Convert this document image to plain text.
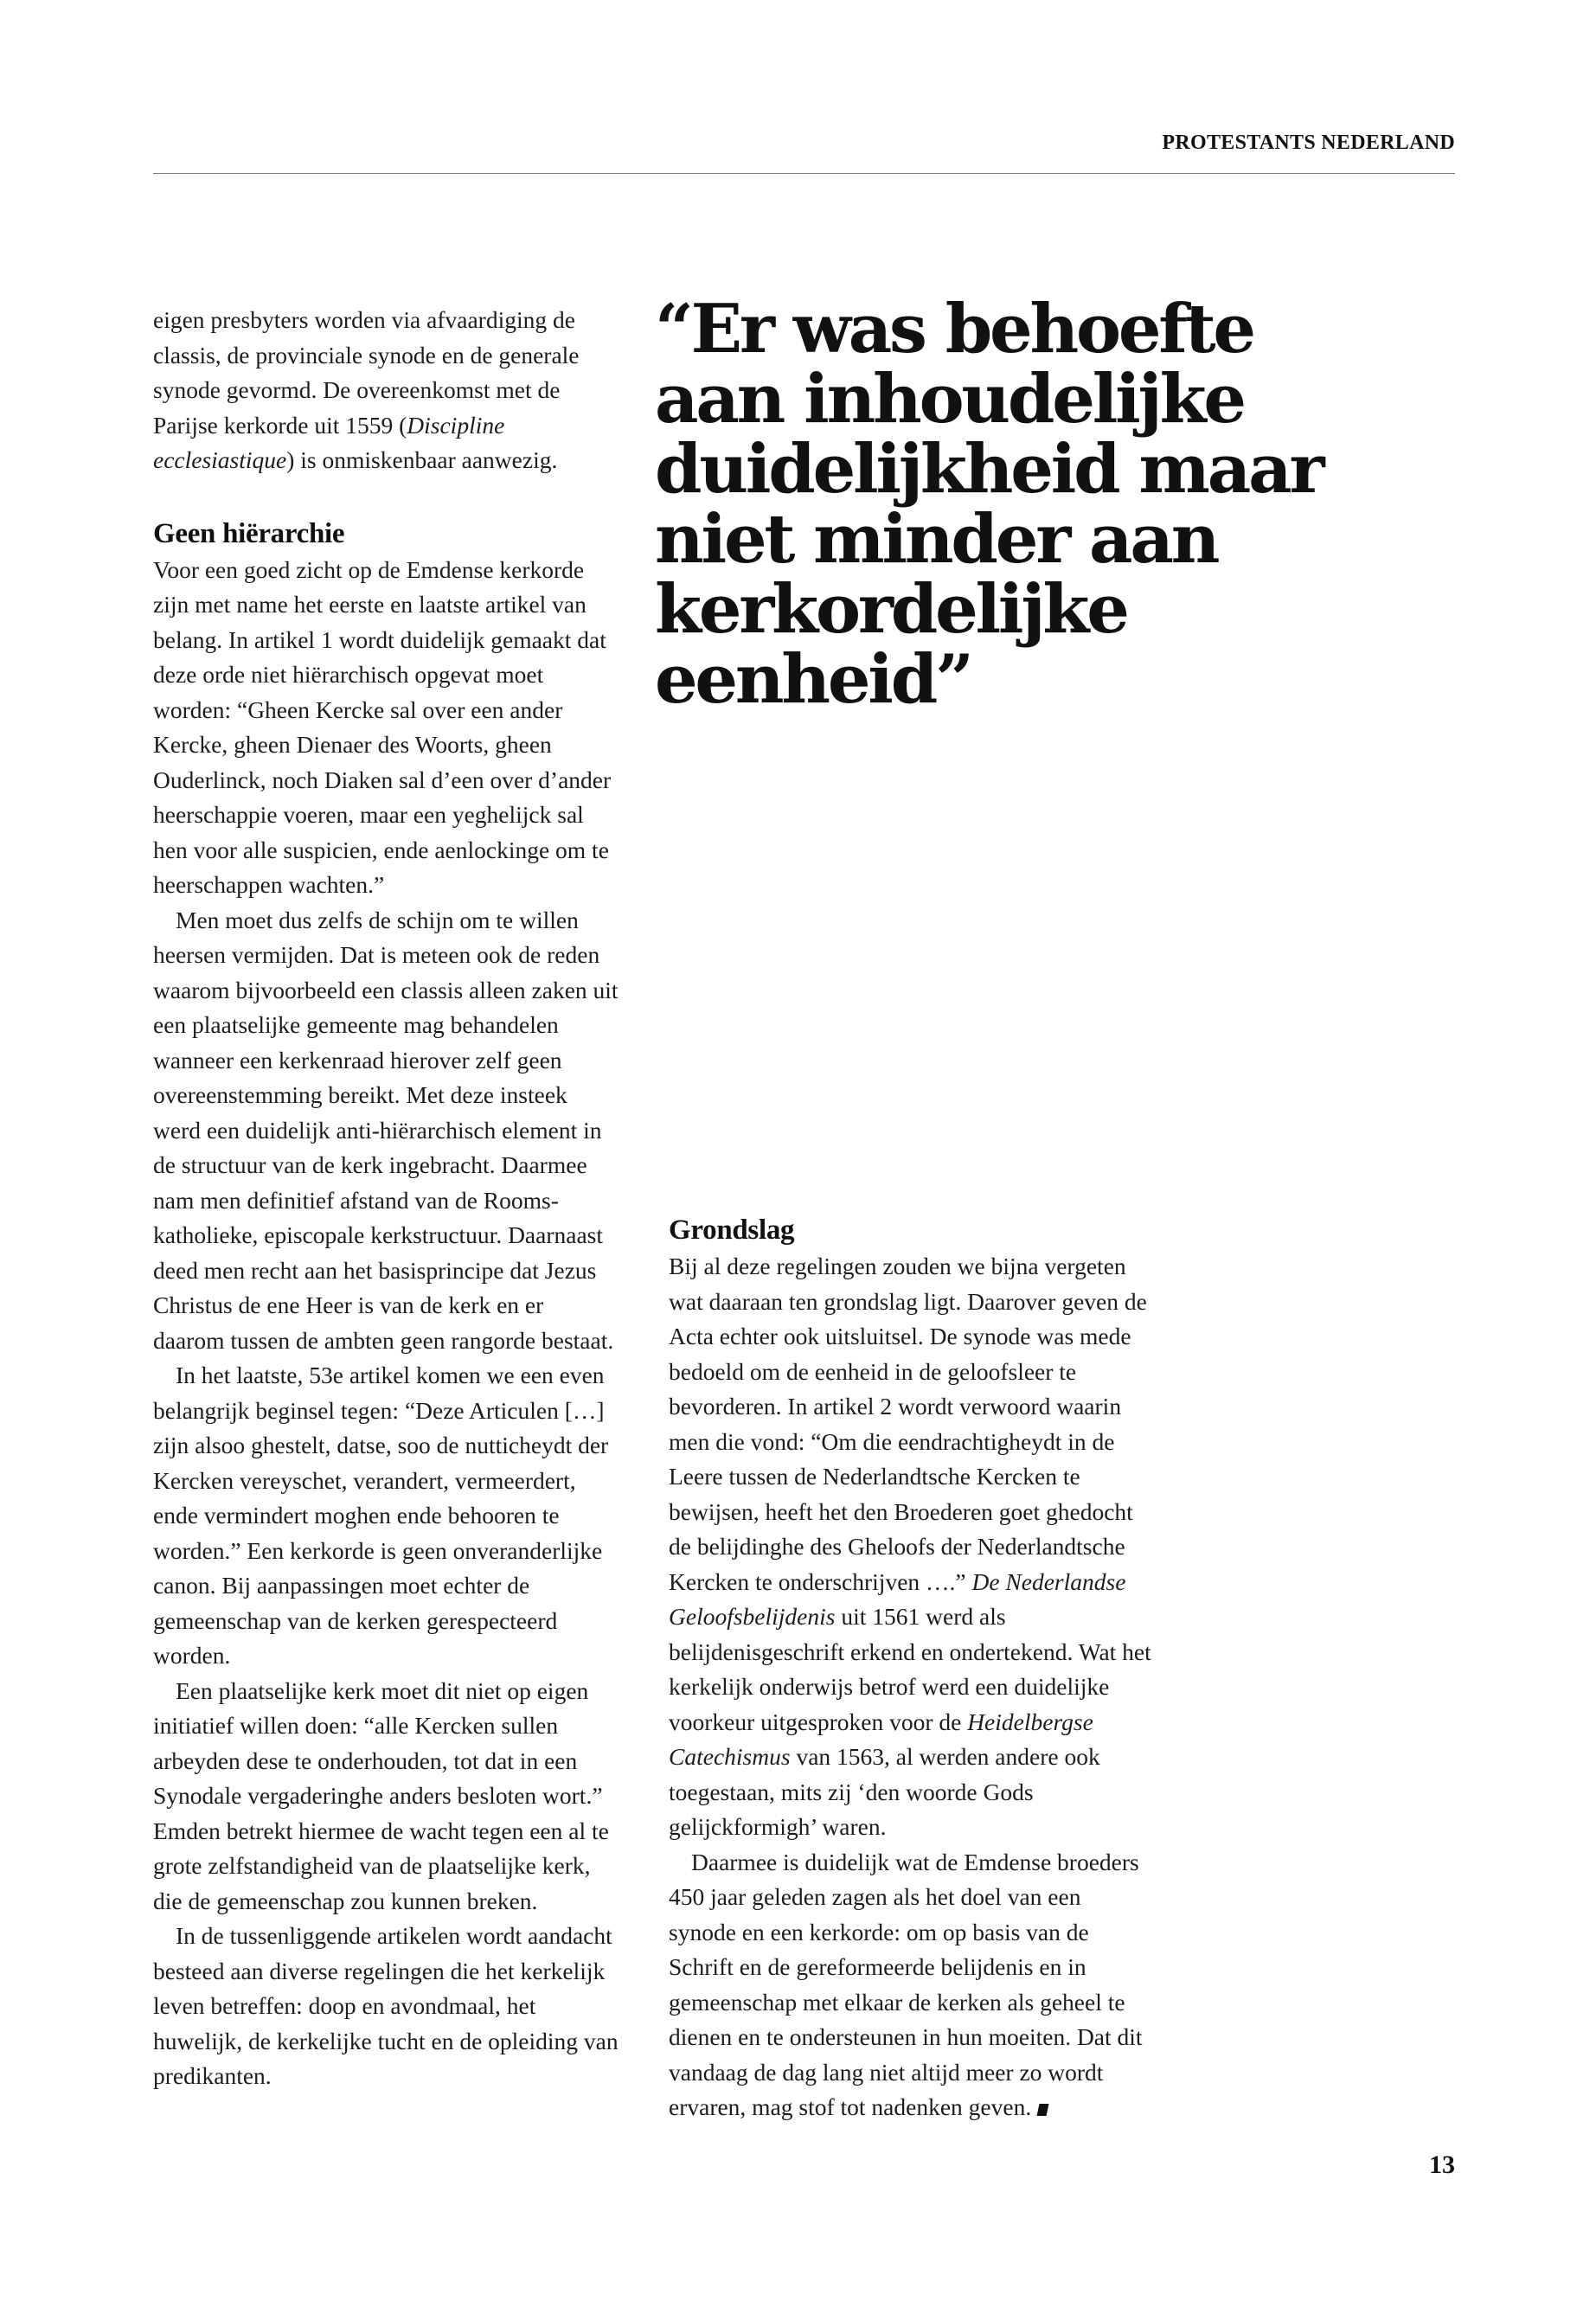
PROTESTANTS NEDERLAND

eigen presbyters worden via afvaardiging de classis, de provinciale synode en de generale synode gevormd. De overeenkomst met de Parijse kerkorde uit 1559 (Discipline ecclesiastique) is onmiskenbaar aanwezig.

Geen hiërarchie

Voor een goed zicht op de Emdense kerkorde zijn met name het eerste en laatste artikel van belang. In artikel 1 wordt duidelijk gemaakt dat deze orde niet hiërarchisch opgevat moet worden: “Gheen Kercke sal over een ander Kercke, gheen Dienaer des Woorts, gheen Ouderlinck, noch Diaken sal d’een over d’ander heerschappie voeren, maar een yeghelijck sal hen voor alle suspicien, ende aenlockinge om te heerschappen wachten.”

Men moet dus zelfs de schijn om te willen heersen vermijden. Dat is meteen ook de reden waarom bijvoorbeeld een classis alleen zaken uit een plaatselijke gemeente mag behandelen wanneer een kerkenraad hierover zelf geen overeenstemming bereikt. Met deze insteek werd een duidelijk anti-hiërarchisch element in de structuur van de kerk ingebracht. Daarmee nam men definitief afstand van de Rooms-katholieke, episcopale kerkstructuur. Daarnaast deed men recht aan het basisprincipe dat Jezus Christus de ene Heer is van de kerk en er daarom tussen de ambten geen rangorde bestaat.

In het laatste, 53e artikel komen we een even belangrijk beginsel tegen: “Deze Articulen […] zijn alsoo ghestelt, datse, soo de nutticheydt der Kercken vereyschet, verandert, vermeerdert, ende vermindert moghen ende behooren te worden.” Een kerkorde is geen onveranderlijke canon. Bij aanpassingen moet echter de gemeenschap van de kerken gerespecteerd worden.

Een plaatselijke kerk moet dit niet op eigen initiatief willen doen: “alle Kercken sullen arbeyden dese te onderhouden, tot dat in een Synodale vergaderinghe anders besloten wort.” Emden betrekt hiermee de wacht tegen een al te grote zelfstandigheid van de plaatselijke kerk, die de gemeenschap zou kunnen breken.

In de tussenliggende artikelen wordt aandacht besteed aan diverse regelingen die het kerkelijk leven betreffen: doop en avondmaal, het huwelijk, de kerkelijke tucht en de opleiding van predikanten.

“Er was behoefte aan inhoudelijke duidelijkheid maar niet minder aan kerkordelijke eenheid”
Grondslag

Bij al deze regelingen zouden we bijna vergeten wat daaraan ten grondslag ligt. Daarover geven de Acta echter ook uitsluitsel. De synode was mede bedoeld om de eenheid in de geloofsleer te bevorderen. In artikel 2 wordt verwoord waarin men die vond: “Om die eendrachtigheydt in de Leere tussen de Nederlandtsche Kercken te bewijsen, heeft het den Broederen goet ghedocht de belijdinghe des Gheloofs der Nederlandtsche Kercken te onderschrijven ….” De Nederlandse Geloofsbelijdenis uit 1561 werd als belijdenisgeschrift erkend en ondertekend. Wat het kerkelijk onderwijs betrof werd een duidelijke voorkeur uitgesproken voor de Heidelbergse Catechismus van 1563, al werden andere ook toegestaan, mits zij ‘den woorde Gods gelijckformigh’ waren.

Daarmee is duidelijk wat de Emdense broeders 450 jaar geleden zagen als het doel van een synode en een kerkorde: om op basis van de Schrift en de gereformeerde belijdenis en in gemeenschap met elkaar de kerken als geheel te dienen en te ondersteunen in hun moeiten. Dat dit vandaag de dag lang niet altijd meer zo wordt ervaren, mag stof tot nadenken geven.

13
